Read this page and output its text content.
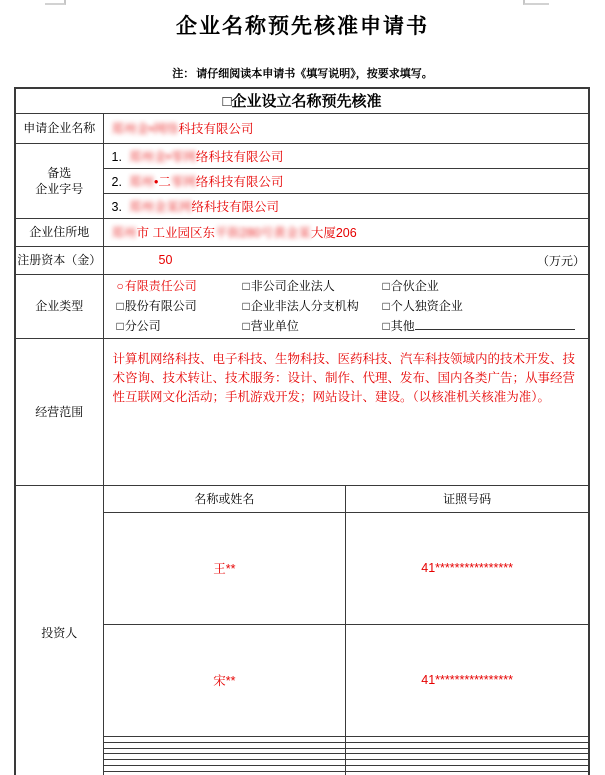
企业名称预先核准申请书
注： 请仔细阅读本申请书《填写说明》，按要求填写。
□企业设立名称预先核准
申请企业名称	郑州金•网络科技有限公司

备选
企业字号
	1. 郑州金•零网络科技有限公司
2. 郑州•二零网络科技有限公司
3. 郑州金某网络科技有限公司
企业住所地	郑州市 工业园区东平街280号黄金某大厦206
注册资本（金）	50	（万元）

企业类型	
○有限责任公司	□非公司企业法人	□合伙企业
□股份有限公司	□企业非法人分支机构	□个人独资企业
□分公司	□营业单位	□其他

经营范围	计算机网络科技、电子科技、生物科技、医药科技、汽车科技领域内的技术开发、技术咨询、技术转让、技术服务：设计、制作、代理、发布、国内各类广告；从事经营性互联网文化活动；手机游戏开发；网站设计、建设。（以核准机关核准为准）。
投资人	
名称或姓名	证照号码
王**	41****************
宋**	41****************
